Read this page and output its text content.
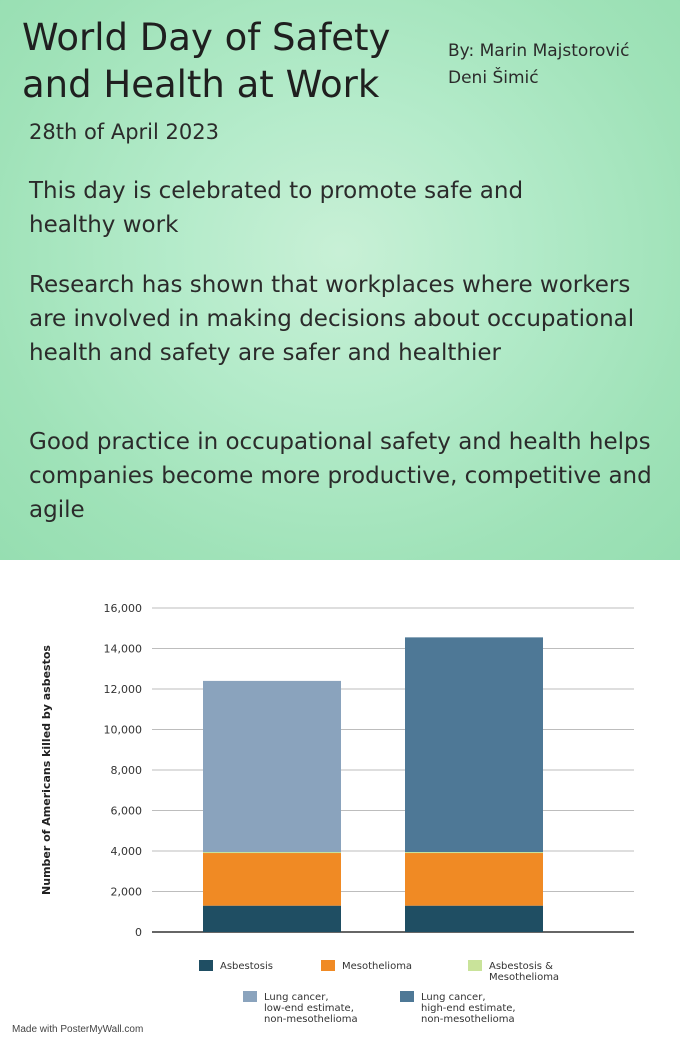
World Day of Safety
and Health at Work
By: Marin Majstorović
Deni Šimić
28th of April 2023

This day is celebrated to promote safe and healthy work

Research has shown that workplaces where workers are involved in making decisions about occupational health and safety are safer and healthier

Good practice in occupational safety and health helps companies become more productive, competitive and agile

0
2,000
4,000
6,000
8,000
10,000
12,000
14,000
16,000
Number of Americans killed by asbestos
Asbestosis	Mesothelioma	Asbestosis &
Mesothelioma
Lung cancer,
low-end estimate,
non-mesothelioma
Lung cancer,
high-end estimate,
non-mesothelioma
Made with PosterMyWall.com
